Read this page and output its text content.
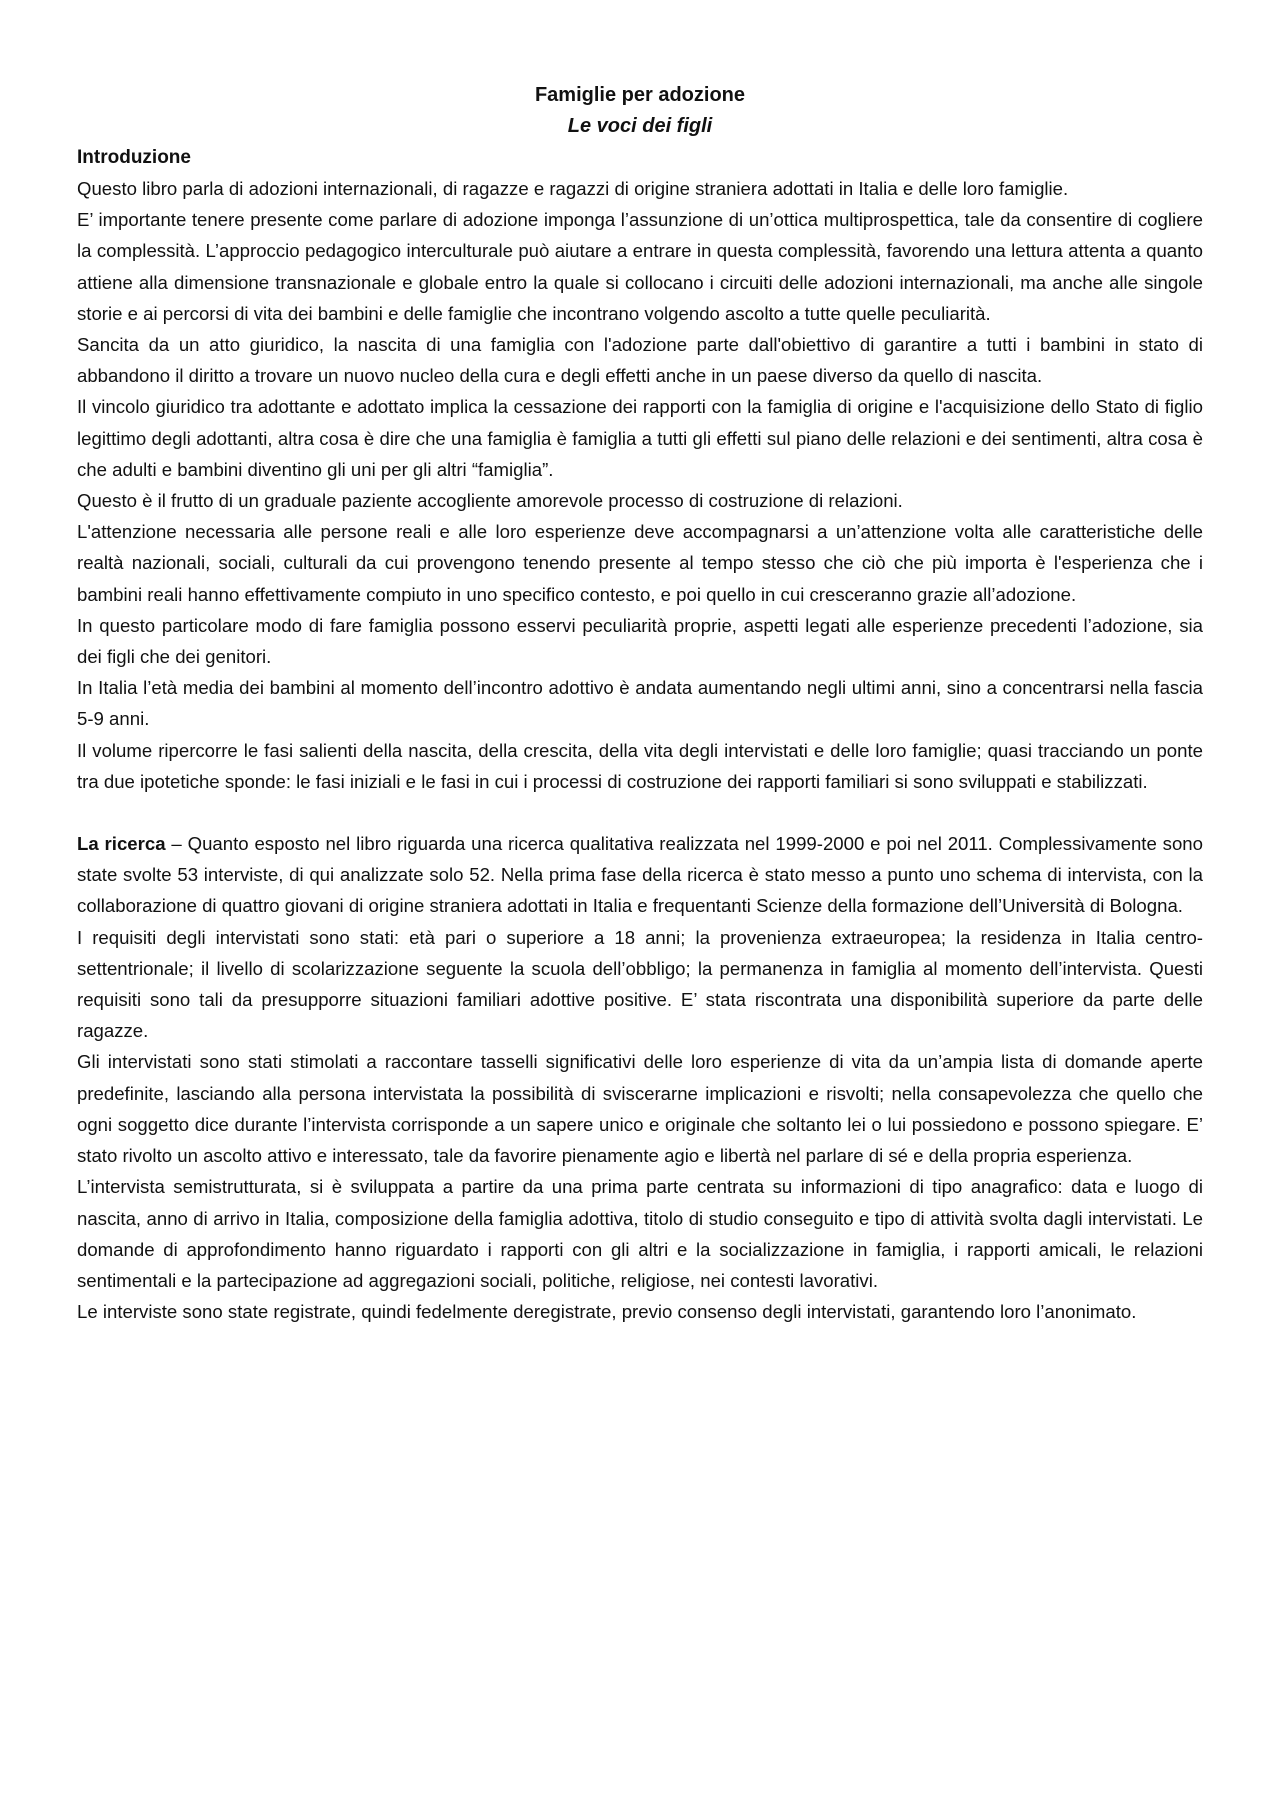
Famiglie per adozione

Le voci dei figli

Introduzione

Questo libro parla di adozioni internazionali, di ragazze e ragazzi di origine straniera adottati in Italia e delle loro famiglie.

E’ importante tenere presente come parlare di adozione imponga l’assunzione di un’ottica multiprospettica, tale da consentire di cogliere la complessità. L’approccio pedagogico interculturale può aiutare a entrare in questa complessità, favorendo una lettura attenta a quanto attiene alla dimensione transnazionale e globale entro la quale si collocano i circuiti delle adozioni internazionali, ma anche alle singole storie e ai percorsi di vita dei bambini e delle famiglie che incontrano volgendo ascolto a tutte quelle peculiarità.

Sancita da un atto giuridico, la nascita di una famiglia con l'adozione parte dall'obiettivo di garantire a tutti i bambini in stato di abbandono il diritto a trovare un nuovo nucleo della cura e degli effetti anche in un paese diverso da quello di nascita.

Il vincolo giuridico tra adottante e adottato implica la cessazione dei rapporti con la famiglia di origine e l'acquisizione dello Stato di figlio legittimo degli adottanti, altra cosa è dire che una famiglia è famiglia a tutti gli effetti sul piano delle relazioni e dei sentimenti, altra cosa è che adulti e bambini diventino gli uni per gli altri “famiglia”.

Questo è il frutto di un graduale paziente accogliente amorevole processo di costruzione di relazioni.

L'attenzione necessaria alle persone reali e alle loro esperienze deve accompagnarsi a un’attenzione volta alle caratteristiche delle realtà nazionali, sociali, culturali da cui provengono tenendo presente al tempo stesso che ciò che più importa è l'esperienza che i bambini reali hanno effettivamente compiuto in uno specifico contesto, e poi quello in cui cresceranno grazie all’adozione.

In questo particolare modo di fare famiglia possono esservi peculiarità proprie, aspetti legati alle esperienze precedenti l’adozione, sia dei figli che dei genitori.

In Italia l’età media dei bambini al momento dell’incontro adottivo è andata aumentando negli ultimi anni, sino a concentrarsi nella fascia 5-9 anni.

Il volume ripercorre le fasi salienti della nascita, della crescita, della vita degli intervistati e delle loro famiglie; quasi tracciando un ponte tra due ipotetiche sponde: le fasi iniziali e le fasi in cui i processi di costruzione dei rapporti familiari si sono sviluppati e stabilizzati.

La ricerca – Quanto esposto nel libro riguarda una ricerca qualitativa realizzata nel 1999-2000 e poi nel 2011. Complessivamente sono state svolte 53 interviste, di qui analizzate solo 52. Nella prima fase della ricerca è stato messo a punto uno schema di intervista, con la collaborazione di quattro giovani di origine straniera adottati in Italia e frequentanti Scienze della formazione dell’Università di Bologna.

I requisiti degli intervistati sono stati: età pari o superiore a 18 anni; la provenienza extraeuropea; la residenza in Italia centro-settentrionale; il livello di scolarizzazione seguente la scuola dell’obbligo; la permanenza in famiglia al momento dell’intervista. Questi requisiti sono tali da presupporre situazioni familiari adottive positive. E’ stata riscontrata una disponibilità superiore da parte delle ragazze.

Gli intervistati sono stati stimolati a raccontare tasselli significativi delle loro esperienze di vita da un’ampia lista di domande aperte predefinite, lasciando alla persona intervistata la possibilità di sviscerarne implicazioni e risvolti; nella consapevolezza che quello che ogni soggetto dice durante l’intervista corrisponde a un sapere unico e originale che soltanto lei o lui possiedono e possono spiegare. E’ stato rivolto un ascolto attivo e interessato, tale da favorire pienamente agio e libertà nel parlare di sé e della propria esperienza.

L’intervista semistrutturata, si è sviluppata a partire da una prima parte centrata su informazioni di tipo anagrafico: data e luogo di nascita, anno di arrivo in Italia, composizione della famiglia adottiva, titolo di studio conseguito e tipo di attività svolta dagli intervistati. Le domande di approfondimento hanno riguardato i rapporti con gli altri e la socializzazione in famiglia, i rapporti amicali, le relazioni sentimentali e la partecipazione ad aggregazioni sociali, politiche, religiose, nei contesti lavorativi.

Le interviste sono state registrate, quindi fedelmente deregistrate, previo consenso degli intervistati, garantendo loro l’anonimato.
